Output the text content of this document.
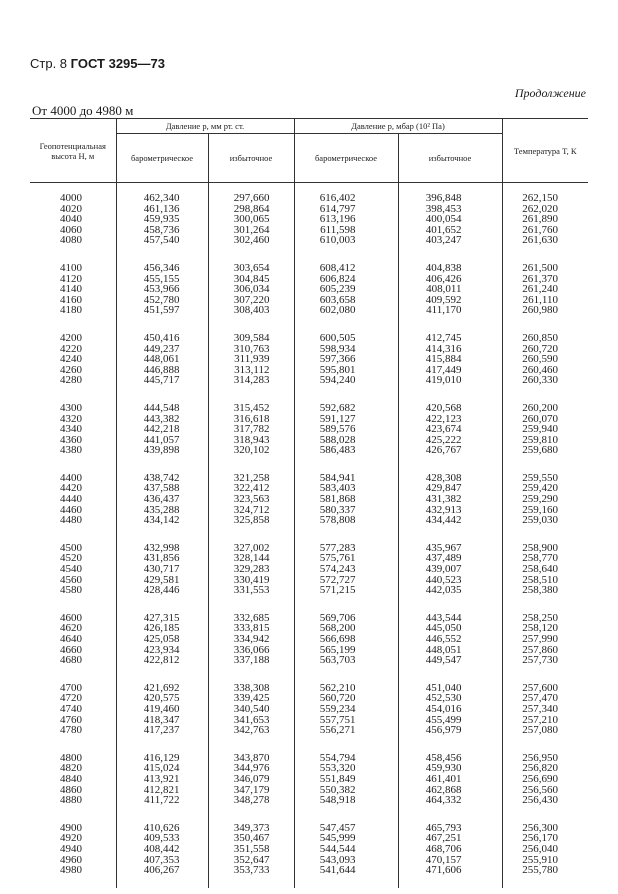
Стр. 8 ГОСТ 3295—73
Продолжение
От 4000 до 4980 м
Геопотенциальная высота H, м	Давление p, мм рт. ст.		Давление p, мбар (10² Па)		Температура T, К
	барометрическое	избыточное	барометрическое	избыточное	
4000	462,340	297,660	616,402	396,848	262,150
4020	461,136	298,864	614,797	398,453	262,020
4040	459,935	300,065	613,196	400,054	261,890
4060	458,736	301,264	611,598	401,652	261,760
4080	457,540	302,460	610,003	403,247	261,630
4100	456,346	303,654	608,412	404,838	261,500
4120	455,155	304,845	606,824	406,426	261,370
4140	453,966	306,034	605,239	408,011	261,240
4160	452,780	307,220	603,658	409,592	261,110
4180	451,597	308,403	602,080	411,170	260,980
4200	450,416	309,584	600,505	412,745	260,850
4220	449,237	310,763	598,934	414,316	260,720
4240	448,061	311,939	597,366	415,884	260,590
4260	446,888	313,112	595,801	417,449	260,460
4280	445,717	314,283	594,240	419,010	260,330
4300	444,548	315,452	592,682	420,568	260,200
4320	443,382	316,618	591,127	422,123	260,070
4340	442,218	317,782	589,576	423,674	259,940
4360	441,057	318,943	588,028	425,222	259,810
4380	439,898	320,102	586,483	426,767	259,680
4400	438,742	321,258	584,941	428,308	259,550
4420	437,588	322,412	583,403	429,847	259,420
4440	436,437	323,563	581,868	431,382	259,290
4460	435,288	324,712	580,337	432,913	259,160
4480	434,142	325,858	578,808	434,442	259,030
4500	432,998	327,002	577,283	435,967	258,900
4520	431,856	328,144	575,761	437,489	258,770
4540	430,717	329,283	574,243	439,007	258,640
4560	429,581	330,419	572,727	440,523	258,510
4580	428,446	331,553	571,215	442,035	258,380
4600	427,315	332,685	569,706	443,544	258,250
4620	426,185	333,815	568,200	445,050	258,120
4640	425,058	334,942	566,698	446,552	257,990
4660	423,934	336,066	565,199	448,051	257,860
4680	422,812	337,188	563,703	449,547	257,730
4700	421,692	338,308	562,210	451,040	257,600
4720	420,575	339,425	560,720	452,530	257,470
4740	419,460	340,540	559,234	454,016	257,340
4760	418,347	341,653	557,751	455,499	257,210
4780	417,237	342,763	556,271	456,979	257,080
4800	416,129	343,870	554,794	458,456	256,950
4820	415,024	344,976	553,320	459,930	256,820
4840	413,921	346,079	551,849	461,401	256,690
4860	412,821	347,179	550,382	462,868	256,560
4880	411,722	348,278	548,918	464,332	256,430
4900	410,626	349,373	547,457	465,793	256,300
4920	409,533	350,467	545,999	467,251	256,170
4940	408,442	351,558	544,544	468,706	256,040
4960	407,353	352,647	543,093	470,157	255,910
4980	406,267	353,733	541,644	471,606	255,780
